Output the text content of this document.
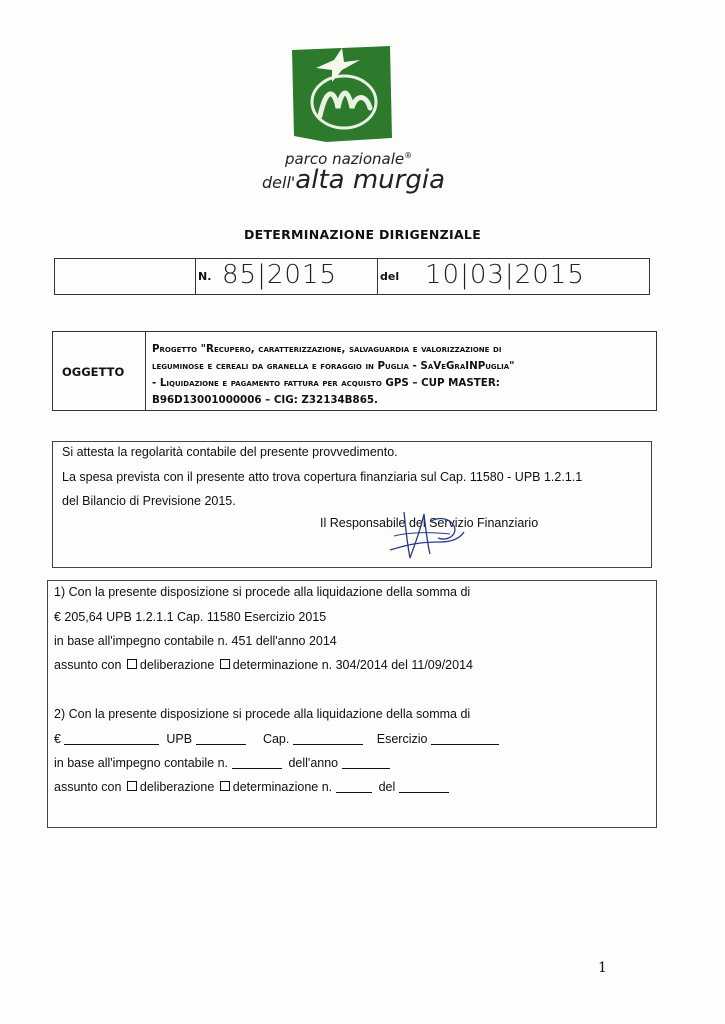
parco nazionale®
dell'alta murgia
DETERMINAZIONE DIRIGENZIALE
N. 85|2015	del 10|03|2015
OGGETTO
Progetto "Recupero, caratterizzazione, salvaguardia e valorizzazione di
leguminose e cereali da granella e foraggio in Puglia - SaVeGraINPuglia"
- Liquidazione e pagamento fattura per acquisto GPS – CUP MASTER:
B96D13001000006 – CIG: Z32134B865.
Si attesta la regolarità contabile del presente provvedimento.
La spesa prevista con il presente atto trova copertura finanziaria sul Cap. 11580 - UPB 1.2.1.1
del Bilancio di Previsione 2015.
Il Responsabile del Servizio Finanziario
1) Con la presente disposizione si procede alla liquidazione della somma di
€ 205,64 UPB 1.2.1.1 Cap. 11580 Esercizio 2015
in base all'impegno contabile n. 451 dell'anno 2014
assunto con deliberazione determinazione n. 304/2014 del 11/09/2014
2) Con la presente disposizione si procede alla liquidazione della somma di
€	UPB	Cap.	Esercizio
in base all'impegno contabile n.	dell'anno
assunto con deliberazione determinazione n.	del
1
